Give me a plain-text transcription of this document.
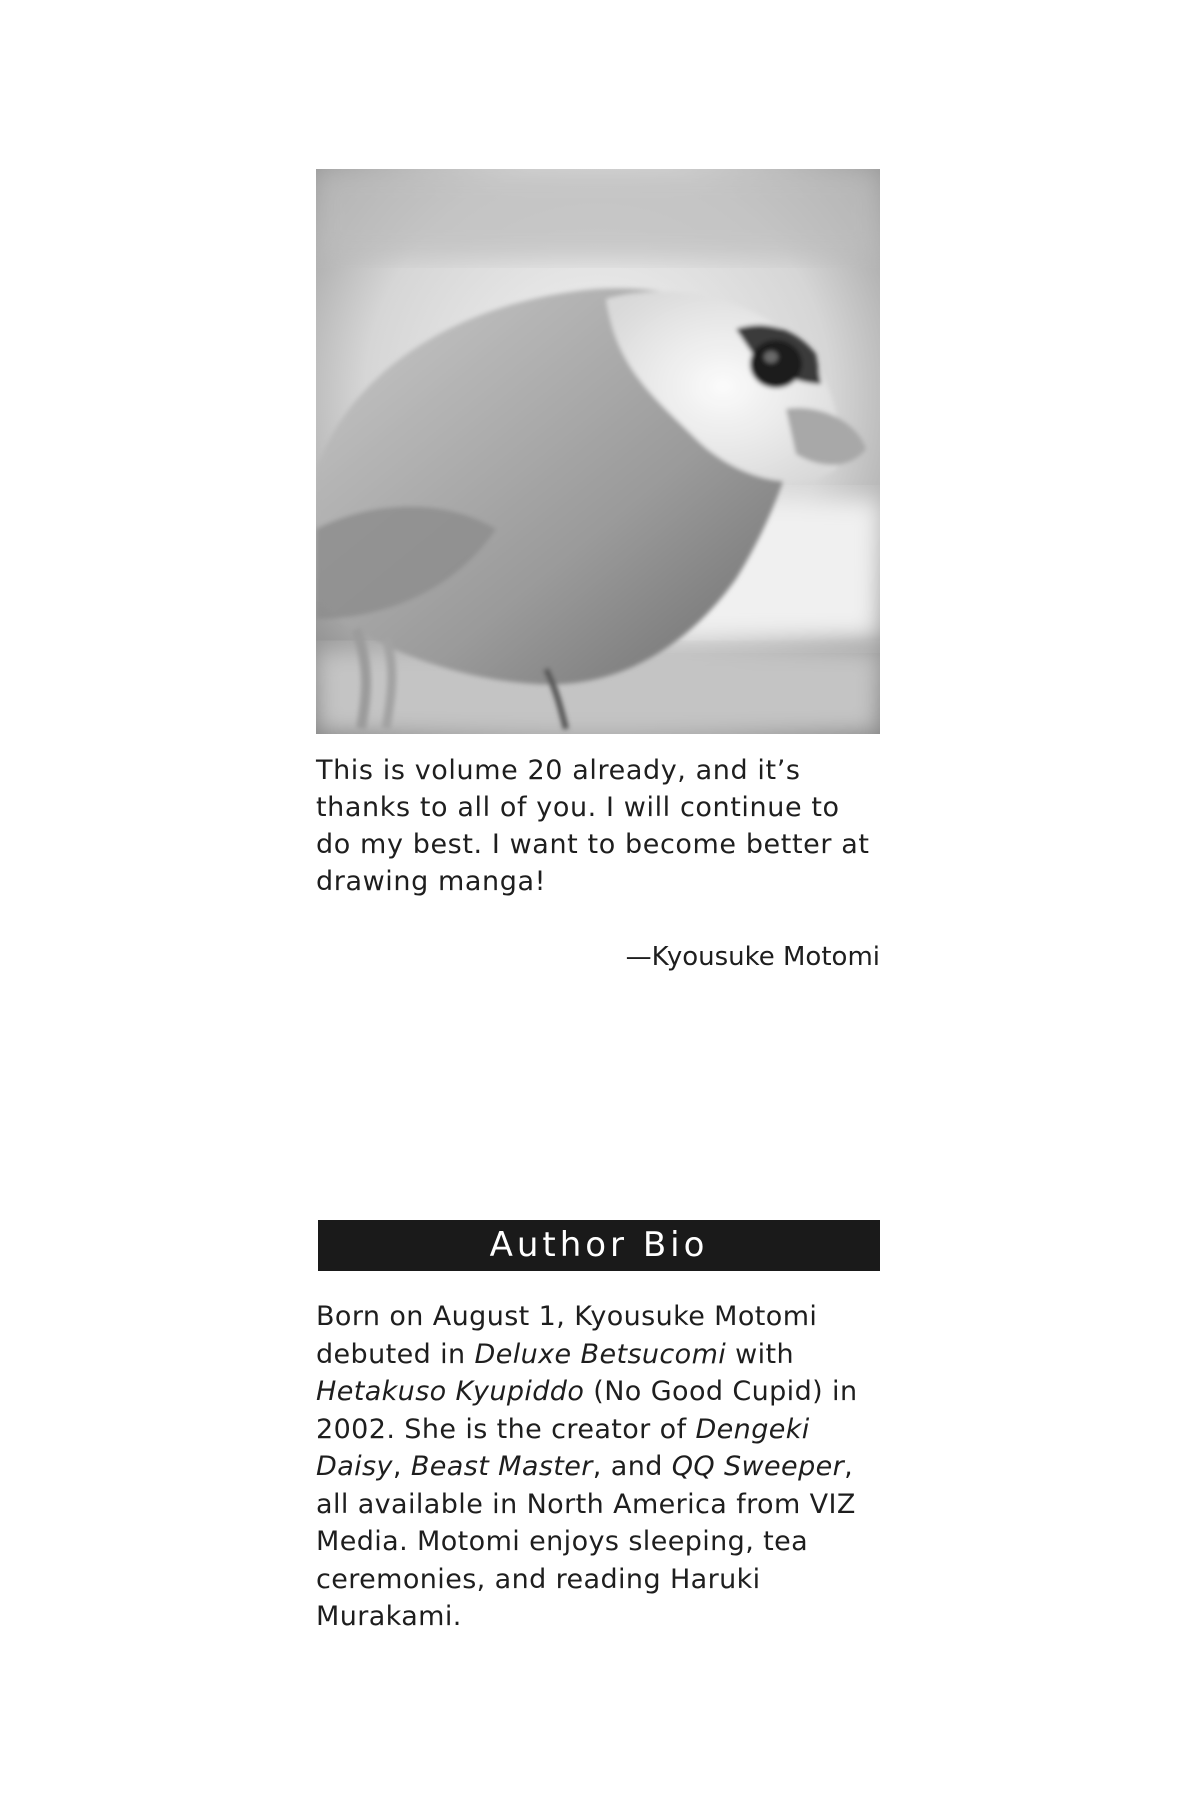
This is volume 20 already, and it’s thanks to all of you. I will continue to do my best. I want to become better at drawing manga!

—Kyousuke Motomi

Author Bio

Born on August 1, Kyousuke Motomi debuted in Deluxe Betsucomi with Hetakuso Kyupiddo (No Good Cupid) in 2002. She is the creator of Dengeki Daisy, Beast Master, and QQ Sweeper, all available in North America from VIZ Media. Motomi enjoys sleeping, tea ceremonies, and reading Haruki Murakami.
